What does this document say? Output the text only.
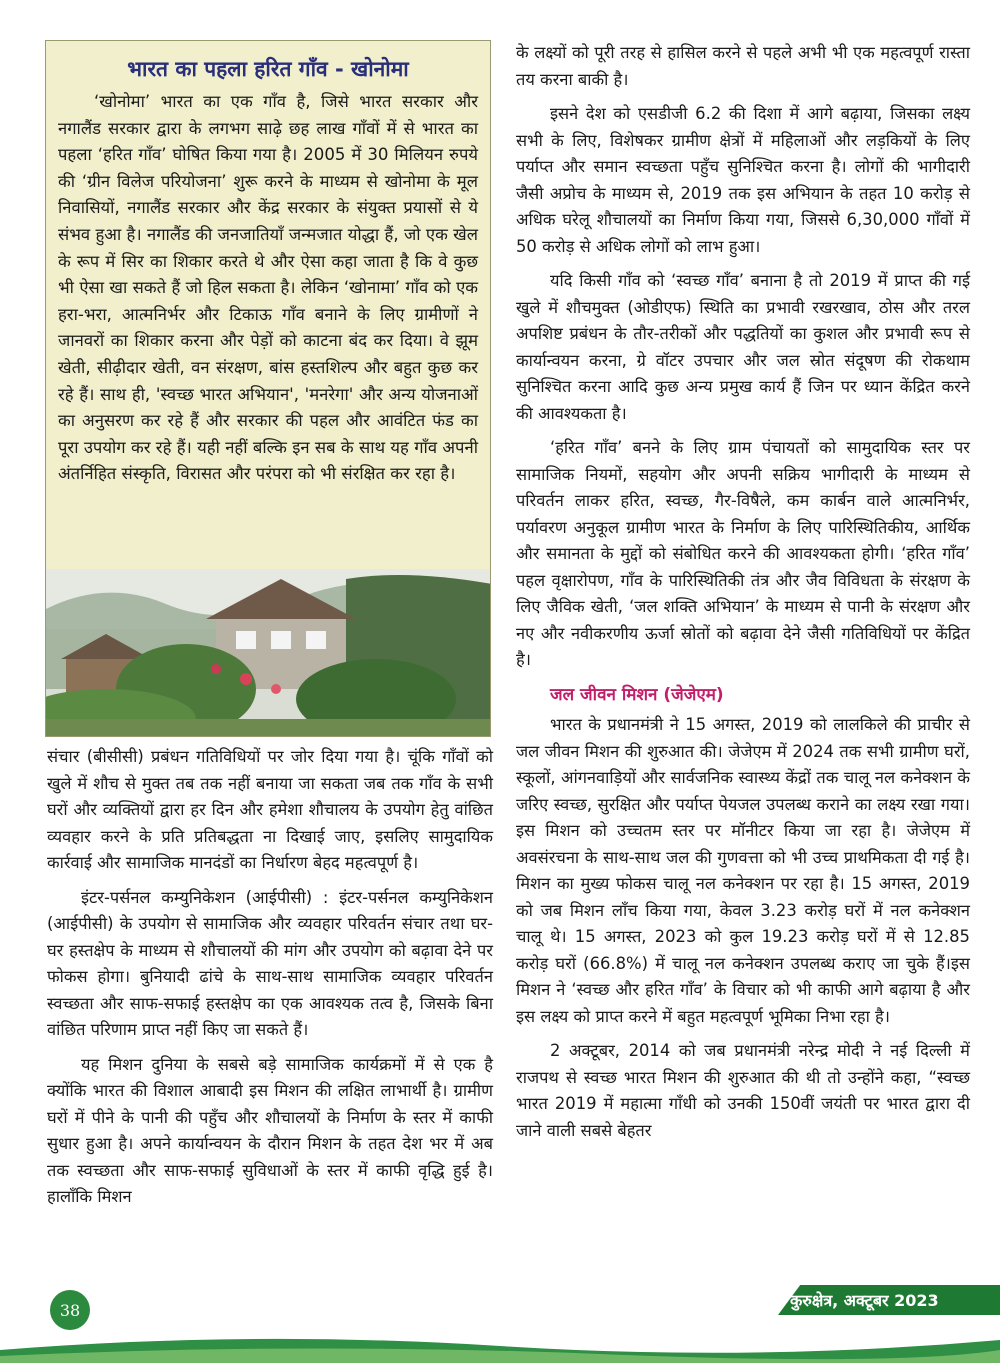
भारत का पहला हरित गाँव - खोनोमा

‘खोनोमा’ भारत का एक गाँव है, जिसे भारत सरकार और नगालैंड सरकार द्वारा के लगभग साढ़े छह लाख गाँवों में से भारत का पहला ‘हरित गाँव’ घोषित किया गया है। 2005 में 30 मिलियन रुपये की ‘ग्रीन विलेज परियोजना’ शुरू करने के माध्यम से खोनोमा के मूल निवासियों, नगालैंड सरकार और केंद्र सरकार के संयुक्त प्रयासों से ये संभव हुआ है। नगालैंड की जनजातियाँ जन्मजात योद्धा हैं, जो एक खेल के रूप में सिर का शिकार करते थे और ऐसा कहा जाता है कि वे कुछ भी ऐसा खा सकते हैं जो हिल सकता है। लेकिन ‘खोनामा’ गाँव को एक हरा-भरा, आत्मनिर्भर और टिकाऊ गाँव बनाने के लिए ग्रामीणों ने जानवरों का शिकार करना और पेड़ों को काटना बंद कर दिया। वे झूम खेती, सीढ़ीदार खेती, वन संरक्षण, बांस हस्तशिल्प और बहुत कुछ कर रहे हैं। साथ ही, 'स्वच्छ भारत अभियान', 'मनरेगा' और अन्य योजनाओं का अनुसरण कर रहे हैं और सरकार की पहल और आवंटित फंड का पूरा उपयोग कर रहे हैं। यही नहीं बल्कि इन सब के साथ यह गाँव अपनी अंतर्निहित संस्कृति, विरासत और परंपरा को भी संरक्षित कर रहा है।

संचार (बीसीसी) प्रबंधन गतिविधियों पर जोर दिया गया है। चूंकि गाँवों को खुले में शौच से मुक्त तब तक नहीं बनाया जा सकता जब तक गाँव के सभी घरों और व्यक्तियों द्वारा हर दिन और हमेशा शौचालय के उपयोग हेतु वांछित व्यवहार करने के प्रति प्रतिबद्धता ना दिखाई जाए, इसलिए सामुदायिक कार्रवाई और सामाजिक मानदंडों का निर्धारण बेहद महत्वपूर्ण है।

इंटर-पर्सनल कम्युनिकेशन (आईपीसी) : इंटर-पर्सनल कम्युनिकेशन (आईपीसी) के उपयोग से सामाजिक और व्यवहार परिवर्तन संचार तथा घर-घर हस्तक्षेप के माध्यम से शौचालयों की मांग और उपयोग को बढ़ावा देने पर फोकस होगा। बुनियादी ढांचे के साथ-साथ सामाजिक व्यवहार परिवर्तन स्वच्छता और साफ-सफाई हस्तक्षेप का एक आवश्यक तत्व है, जिसके बिना वांछित परिणाम प्राप्त नहीं किए जा सकते हैं।

यह मिशन दुनिया के सबसे बड़े सामाजिक कार्यक्रमों में से एक है क्योंकि भारत की विशाल आबादी इस मिशन की लक्षित लाभार्थी है। ग्रामीण घरों में पीने के पानी की पहुँच और शौचालयों के निर्माण के स्तर में काफी सुधार हुआ है। अपने कार्यान्वयन के दौरान मिशन के तहत देश भर में अब तक स्वच्छता और साफ-सफाई सुविधाओं के स्तर में काफी वृद्धि हुई है। हालाँकि मिशन

के लक्ष्यों को पूरी तरह से हासिल करने से पहले अभी भी एक महत्वपूर्ण रास्ता तय करना बाकी है।

इसने देश को एसडीजी 6.2 की दिशा में आगे बढ़ाया, जिसका लक्ष्य सभी के लिए, विशेषकर ग्रामीण क्षेत्रों में महिलाओं और लड़कियों के लिए पर्याप्त और समान स्वच्छता पहुँच सुनिश्चित करना है। लोगों की भागीदारी जैसी अप्रोच के माध्यम से, 2019 तक इस अभियान के तहत 10 करोड़ से अधिक घरेलू शौचालयों का निर्माण किया गया, जिससे 6,30,000 गाँवों में 50 करोड़ से अधिक लोगों को लाभ हुआ।

यदि किसी गाँव को ‘स्वच्छ गाँव’ बनाना है तो 2019 में प्राप्त की गई खुले में शौचमुक्त (ओडीएफ) स्थिति का प्रभावी रखरखाव, ठोस और तरल अपशिष्ट प्रबंधन के तौर-तरीकों और पद्धतियों का कुशल और प्रभावी रूप से कार्यान्वयन करना, ग्रे वॉटर उपचार और जल स्रोत संदूषण की रोकथाम सुनिश्चित करना आदि कुछ अन्य प्रमुख कार्य हैं जिन पर ध्यान केंद्रित करने की आवश्यकता है।

‘हरित गाँव’ बनने के लिए ग्राम पंचायतों को सामुदायिक स्तर पर सामाजिक नियमों, सहयोग और अपनी सक्रिय भागीदारी के माध्यम से परिवर्तन लाकर हरित, स्वच्छ, गैर-विषैले, कम कार्बन वाले आत्मनिर्भर, पर्यावरण अनुकूल ग्रामीण भारत के निर्माण के लिए पारिस्थितिकीय, आर्थिक और समानता के मुद्दों को संबोधित करने की आवश्यकता होगी। ‘हरित गाँव’ पहल वृक्षारोपण, गाँव के पारिस्थितिकी तंत्र और जैव विविधता के संरक्षण के लिए जैविक खेती, ‘जल शक्ति अभियान’ के माध्यम से पानी के संरक्षण और नए और नवीकरणीय ऊर्जा स्रोतों को बढ़ावा देने जैसी गतिविधियों पर केंद्रित है।

जल जीवन मिशन (जेजेएम)

भारत के प्रधानमंत्री ने 15 अगस्त, 2019 को लालकिले की प्राचीर से जल जीवन मिशन की शुरुआत की। जेजेएम में 2024 तक सभी ग्रामीण घरों, स्कूलों, आंगनवाड़ियों और सार्वजनिक स्वास्थ्य केंद्रों तक चालू नल कनेक्शन के जरिए स्वच्छ, सुरक्षित और पर्याप्त पेयजल उपलब्ध कराने का लक्ष्य रखा गया। इस मिशन को उच्चतम स्तर पर मॉनीटर किया जा रहा है। जेजेएम में अवसंरचना के साथ-साथ जल की गुणवत्ता को भी उच्च प्राथमिकता दी गई है। मिशन का मुख्य फोकस चालू नल कनेक्शन पर रहा है। 15 अगस्त, 2019 को जब मिशन लॉंच किया गया, केवल 3.23 करोड़ घरों में नल कनेक्शन चालू थे। 15 अगस्त, 2023 को कुल 19.23 करोड़ घरों में से 12.85 करोड़ घरों (66.8%) में चालू नल कनेक्शन उपलब्ध कराए जा चुके हैं।इस मिशन ने ‘स्वच्छ और हरित गाँव’ के विचार को भी काफी आगे बढ़ाया है और इस लक्ष्य को प्राप्त करने में बहुत महत्वपूर्ण भूमिका निभा रहा है।

2 अक्टूबर, 2014 को जब प्रधानमंत्री नरेन्द्र मोदी ने नई दिल्ली में राजपथ से स्वच्छ भारत मिशन की शुरुआत की थी तो उन्होंने कहा, “स्वच्छ भारत 2019 में महात्मा गाँधी को उनकी 150वीं जयंती पर भारत द्वारा दी जाने वाली सबसे बेहतर

कुरुक्षेत्र, अक्टूबर 2023
38
